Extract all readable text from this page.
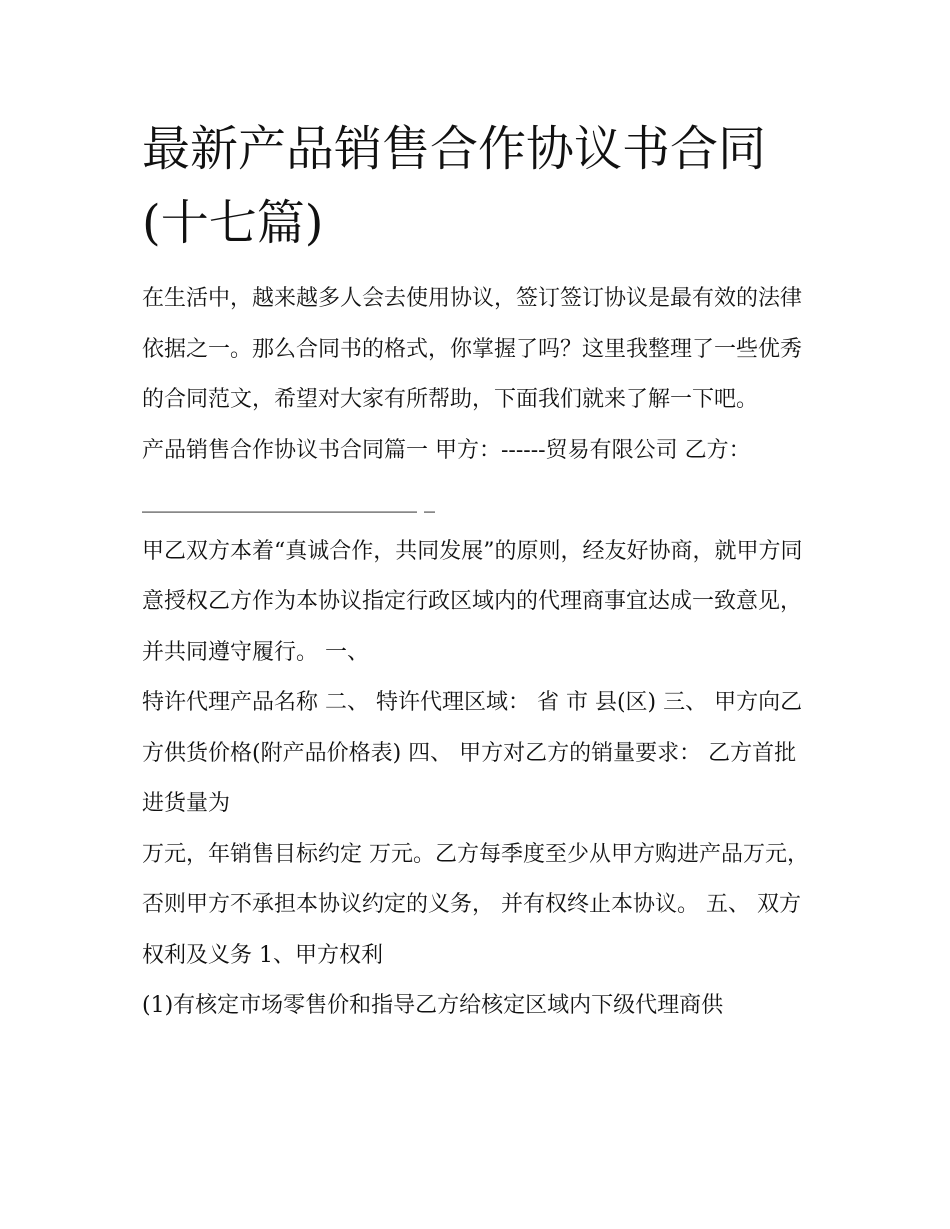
最新产品销售合作协议书合同(十七篇)

在生活中，越来越多人会去使用协议，签订签订协议是最有效的法律依据之一。那么合同书的格式，你掌握了吗？这里我整理了一些优秀的合同范文，希望对大家有所帮助，下面我们就来了解一下吧。

产品销售合作协议书合同篇一 甲方：------贸易有限公司 乙方：_________________________ _

甲乙双方本着“真诚合作，共同发展”的原则，经友好协商，就甲方同意授权乙方作为本协议指定行政区域内的代理商事宜达成一致意见，并共同遵守履行。 一、

特许代理产品名称 二、 特许代理区域： 省 市 县(区) 三、 甲方向乙方供货价格(附产品价格表) 四、 甲方对乙方的销量要求： 乙方首批进货量为

万元，年销售目标约定 万元。乙方每季度至少从甲方购进产品万元，否则甲方不承担本协议约定的义务， 并有权终止本协议。 五、 双方权利及义务 1、甲方权利

(1)有核定市场零售价和指导乙方给核定区域内下级代理商供
